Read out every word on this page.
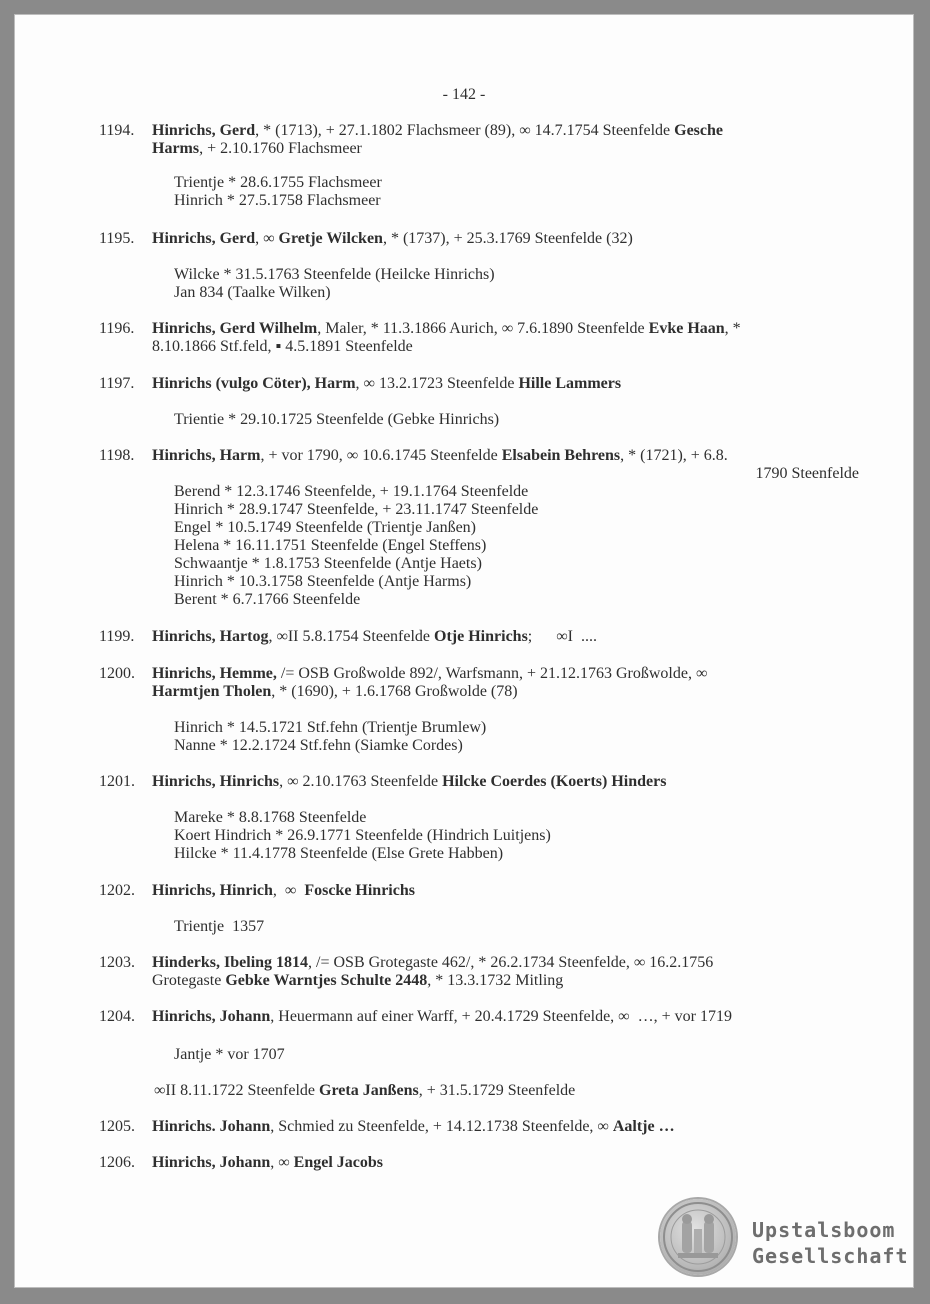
- 142 -
1194. Hinrichs, Gerd, * (1713), + 27.1.1802 Flachsmeer (89), ∞ 14.7.1754 Steenfelde Gesche
Harms, + 2.10.1760 Flachsmeer
Trientje * 28.6.1755 Flachsmeer
Hinrich * 27.5.1758 Flachsmeer
1195. Hinrichs, Gerd, ∞ Gretje Wilcken, * (1737), + 25.3.1769 Steenfelde (32)
Wilcke * 31.5.1763 Steenfelde (Heilcke Hinrichs)
Jan 834 (Taalke Wilken)
1196. Hinrichs, Gerd Wilhelm, Maler, * 11.3.1866 Aurich, ∞ 7.6.1890 Steenfelde Evke Haan, *
8.10.1866 Stf.feld, ▪ 4.5.1891 Steenfelde
1197. Hinrichs (vulgo Cöter), Harm, ∞ 13.2.1723 Steenfelde Hille Lammers
Trientie * 29.10.1725 Steenfelde (Gebke Hinrichs)
1198. Hinrichs, Harm, + vor 1790, ∞ 10.6.1745 Steenfelde Elsabein Behrens, * (1721), + 6.8.
1790 Steenfelde
Berend * 12.3.1746 Steenfelde, + 19.1.1764 Steenfelde
Hinrich * 28.9.1747 Steenfelde, + 23.11.1747 Steenfelde
Engel * 10.5.1749 Steenfelde (Trientje Janßen)
Helena * 16.11.1751 Steenfelde (Engel Steffens)
Schwaantje * 1.8.1753 Steenfelde (Antje Haets)
Hinrich * 10.3.1758 Steenfelde (Antje Harms)
Berent * 6.7.1766 Steenfelde
1199. Hinrichs, Hartog, ∞II 5.8.1754 Steenfelde Otje Hinrichs;      ∞I  ....
1200. Hinrichs, Hemme, /= OSB Großwolde 892/, Warfsmann, + 21.12.1763 Großwolde, ∞
Harmtjen Tholen, * (1690), + 1.6.1768 Großwolde (78)
Hinrich * 14.5.1721 Stf.fehn (Trientje Brumlew)
Nanne * 12.2.1724 Stf.fehn (Siamke Cordes)
1201. Hinrichs, Hinrichs, ∞ 2.10.1763 Steenfelde Hilcke Coerdes (Koerts) Hinders
Mareke * 8.8.1768 Steenfelde
Koert Hindrich * 26.9.1771 Steenfelde (Hindrich Luitjens)
Hilcke * 11.4.1778 Steenfelde (Else Grete Habben)
1202. Hinrichs, Hinrich,  ∞  Foscke Hinrichs
Trientje  1357
1203. Hinderks, Ibeling 1814, /= OSB Grotegaste 462/, * 26.2.1734 Steenfelde, ∞ 16.2.1756
Grotegaste Gebke Warntjes Schulte 2448, * 13.3.1732 Mitling
1204. Hinrichs, Johann, Heuermann auf einer Warff, + 20.4.1729 Steenfelde, ∞  …, + vor 1719
Jantje * vor 1707
∞II 8.11.1722 Steenfelde Greta Janßens, + 31.5.1729 Steenfelde
1205. Hinrichs. Johann, Schmied zu Steenfelde, + 14.12.1738 Steenfelde, ∞ Aaltje …
1206. Hinrichs, Johann, ∞ Engel Jacobs
Upstalsboom
Gesellschaft
